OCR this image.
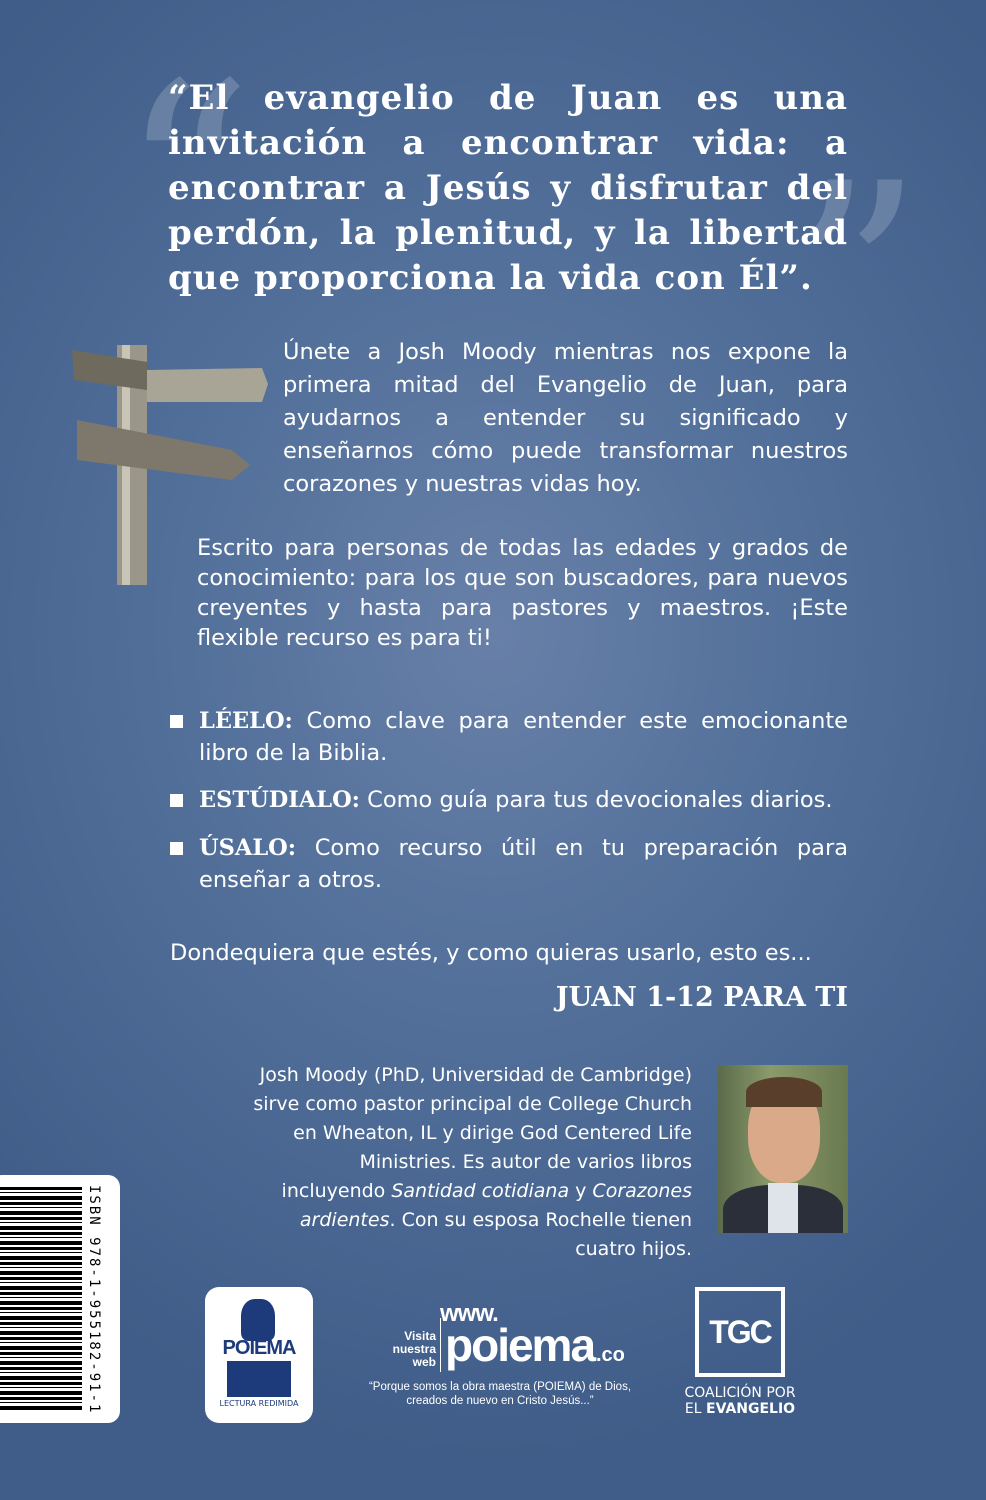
“ ”
“El evangelio de Juan es una invitación a encontrar vida: a encontrar a Jesús y disfrutar del perdón, la plenitud, y la libertad que proporciona la vida con Él”.
Únete a Josh Moody mientras nos expone la primera mitad del Evangelio de Juan, para ayudarnos a entender su significado y enseñarnos cómo puede transformar nuestros corazones y nuestras vidas hoy.
Escrito para personas de todas las edades y grados de conocimiento: para los que son buscadores, para nuevos creyentes y hasta para pastores y maestros. ¡Este flexible recurso es para ti!
LÉELO: Como clave para entender este emocionante libro de la Biblia.
ESTÚDIALO: Como guía para tus devocionales diarios.
ÚSALO: Como recurso útil en tu preparación para enseñar a otros.
Dondequiera que estés, y como quieras usarlo, esto es...
JUAN 1-12 PARA TI
Josh Moody (PhD, Universidad de Cambridge) sirve como pastor principal de College Church en Wheaton, IL y dirige God Centered Life Ministries. Es autor de varios libros incluyendo Santidad cotidiana y Corazones ardientes. Con su esposa Rochelle tienen cuatro hijos.
ISBN 978-1-955182-91-1	POIEMA
LECTURA REDIMIDA
www.
Visita nuestra web poiema .co
“Porque somos la obra maestra (POIEMA) de Dios, creados de nuevo en Cristo Jesús...”
TGC
COALICIÓN POR
EL EVANGELIO
